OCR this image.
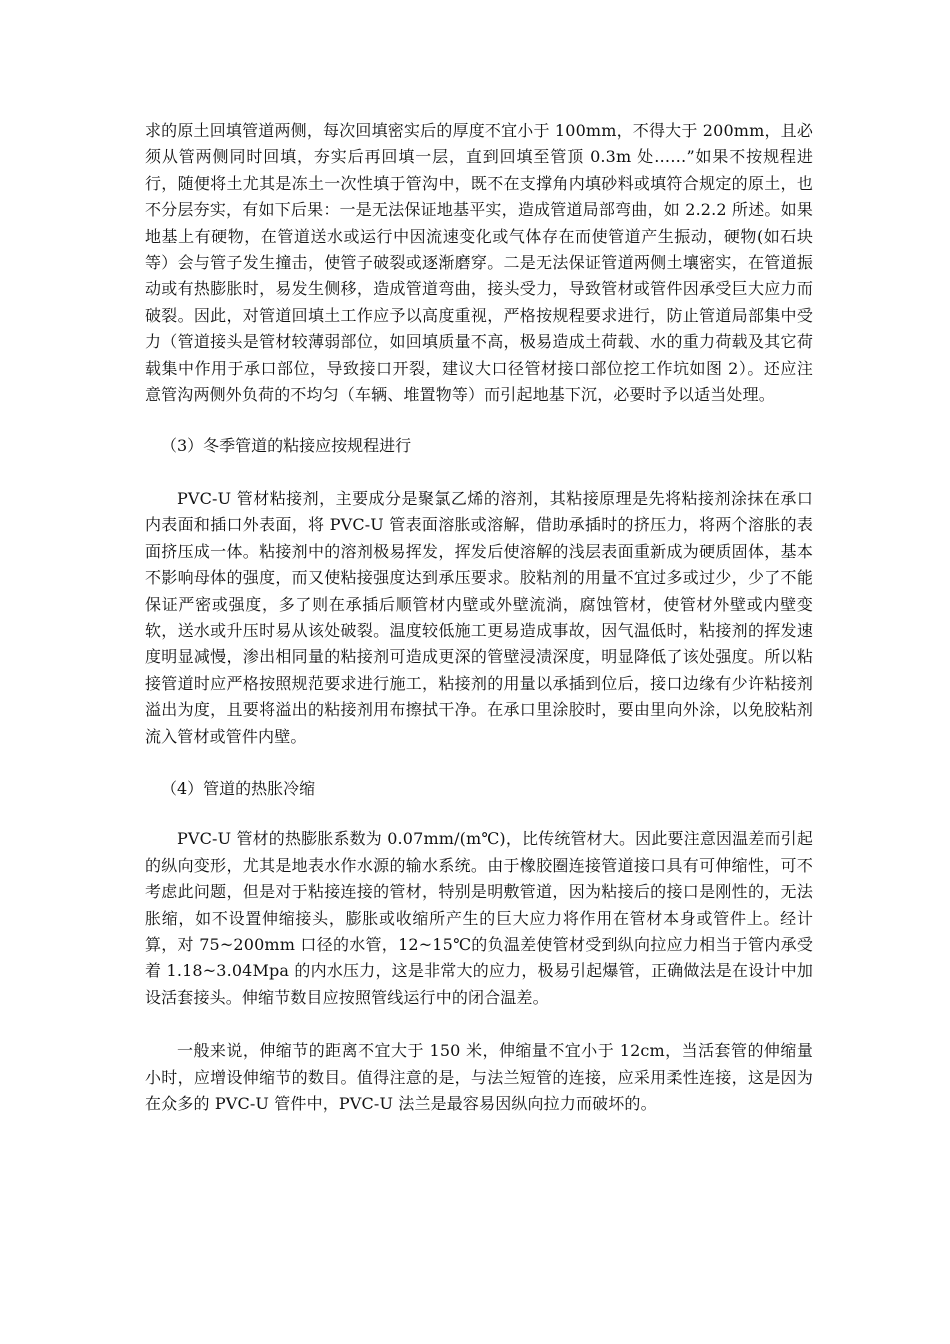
求的原土回填管道两侧，每次回填密实后的厚度不宜小于 100mm，不得大于 200mm，且必须从管两侧同时回填，夯实后再回填一层，直到回填至管顶 0.3m 处……”如果不按规程进行，随便将土尤其是冻土一次性填于管沟中，既不在支撑角内填砂料或填符合规定的原土，也不分层夯实，有如下后果：一是无法保证地基平实，造成管道局部弯曲，如 2.2.2 所述。如果地基上有硬物，在管道送水或运行中因流速变化或气体存在而使管道产生振动，硬物(如石块等）会与管子发生撞击，使管子破裂或逐渐磨穿。二是无法保证管道两侧土壤密实，在管道振动或有热膨胀时，易发生侧移，造成管道弯曲，接头受力，导致管材或管件因承受巨大应力而破裂。因此，对管道回填土工作应予以高度重视，严格按规程要求进行，防止管道局部集中受力（管道接头是管材较薄弱部位，如回填质量不高，极易造成土荷载、水的重力荷载及其它荷载集中作用于承口部位，导致接口开裂，建议大口径管材接口部位挖工作坑如图 2）。还应注意管沟两侧外负荷的不均匀（车辆、堆置物等）而引起地基下沉，必要时予以适当处理。

（3）冬季管道的粘接应按规程进行

PVC-U 管材粘接剂，主要成分是聚氯乙烯的溶剂，其粘接原理是先将粘接剂涂抹在承口内表面和插口外表面，将 PVC-U 管表面溶胀或溶解，借助承插时的挤压力，将两个溶胀的表面挤压成一体。粘接剂中的溶剂极易挥发，挥发后使溶解的浅层表面重新成为硬质固体，基本不影响母体的强度，而又使粘接强度达到承压要求。胶粘剂的用量不宜过多或过少，少了不能保证严密或强度，多了则在承插后顺管材内壁或外壁流淌，腐蚀管材，使管材外壁或内壁变软，送水或升压时易从该处破裂。温度较低施工更易造成事故，因气温低时，粘接剂的挥发速度明显减慢，渗出相同量的粘接剂可造成更深的管壁浸渍深度，明显降低了该处强度。所以粘接管道时应严格按照规范要求进行施工，粘接剂的用量以承插到位后，接口边缘有少许粘接剂溢出为度，且要将溢出的粘接剂用布擦拭干净。在承口里涂胶时，要由里向外涂，以免胶粘剂流入管材或管件内壁。

（4）管道的热胀冷缩

PVC-U 管材的热膨胀系数为 0.07mm/(m℃)，比传统管材大。因此要注意因温差而引起的纵向变形，尤其是地表水作水源的输水系统。由于橡胶圈连接管道接口具有可伸缩性，可不考虑此问题，但是对于粘接连接的管材，特别是明敷管道，因为粘接后的接口是刚性的，无法胀缩，如不设置伸缩接头，膨胀或收缩所产生的巨大应力将作用在管材本身或管件上。经计算，对 75~200mm 口径的水管，12~15℃的负温差使管材受到纵向拉应力相当于管内承受着 1.18~3.04Mpa 的内水压力，这是非常大的应力，极易引起爆管，正确做法是在设计中加设活套接头。伸缩节数目应按照管线运行中的闭合温差。

一般来说，伸缩节的距离不宜大于 150 米，伸缩量不宜小于 12cm，当活套管的伸缩量小时，应增设伸缩节的数目。值得注意的是，与法兰短管的连接，应采用柔性连接，这是因为在众多的 PVC-U 管件中，PVC-U 法兰是最容易因纵向拉力而破坏的。
